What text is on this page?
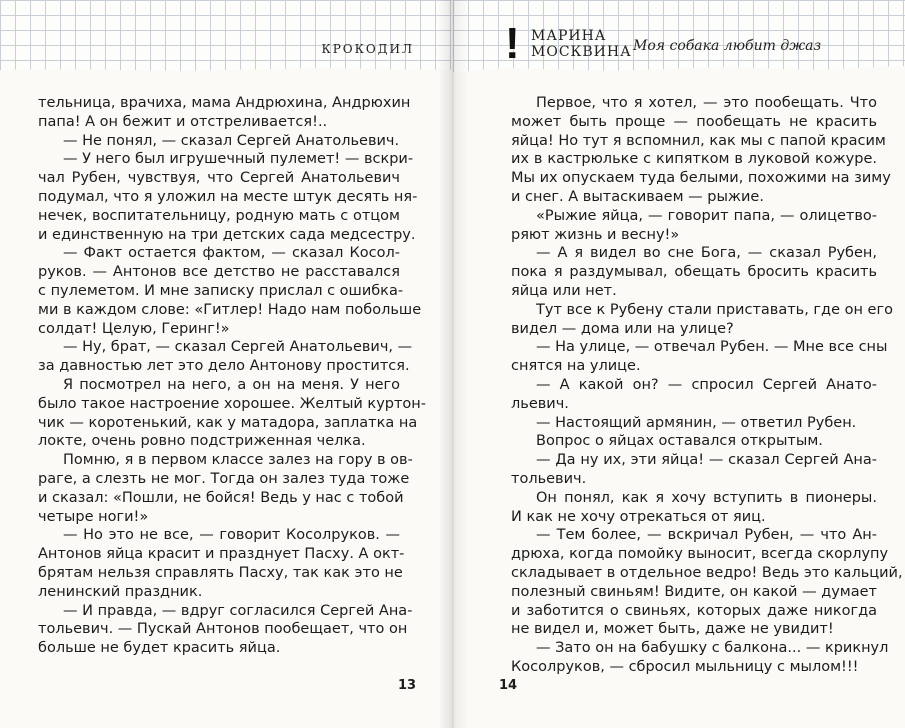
КРОКОДИЛ
тельница, врачиха, мама Андрюхина, Андрюхин
папа! А он бежит и отстреливается!..
— Не понял, — сказал Сергей Анатольевич.
— У него был игрушечный пулемет! — вскри-
чал Рубен, чувствуя, что Сергей Анатольевич
подумал, что я уложил на месте штук десять ня-
нечек, воспитательницу, родную мать с отцом
и единственную на три детских сада медсестру.
— Факт остается фактом, — сказал Косол-
руков. — Антонов все детство не расставался
с пулеметом. И мне записку прислал с ошибка-
ми в каждом слове: «Гитлер! Надо нам побольше
солдат! Целую, Геринг!»
— Ну, брат, — сказал Сергей Анатольевич, —
за давностью лет это дело Антонову простится.
Я посмотрел на него, а он на меня. У него
было такое настроение хорошее. Желтый куртон-
чик — коротенький, как у матадора, заплатка на
локте, очень ровно подстриженная челка.
Помню, я в первом классе залез на гору в ов-
раге, а слезть не мог. Тогда он залез туда тоже
и сказал: «Пошли, не бойся! Ведь у нас с тобой
четыре ноги!»
— Но это не все, — говорит Косолруков. —
Антонов яйца красит и празднует Пасху. А окт-
брятам нельзя справлять Пасху, так как это не
ленинский праздник.
— И правда, — вдруг согласился Сергей Ана-
тольевич. — Пускай Антонов пообещает, что он
больше не будет красить яйца.
13
! МАРИНА
МОСКВИНА Моя собака любит джаз
Первое, что я хотел, — это пообещать. Что
может быть проще — пообещать не красить
яйца! Но тут я вспомнил, как мы с папой красим
их в кастрюльке с кипятком в луковой кожуре.
Мы их опускаем туда белыми, похожими на зиму
и снег. А вытаскиваем — рыжие.
«Рыжие яйца, — говорит папа, — олицетво-
ряют жизнь и весну!»
— А я видел во сне Бога, — сказал Рубен,
пока я раздумывал, обещать бросить красить
яйца или нет.
Тут все к Рубену стали приставать, где он его
видел — дома или на улице?
— На улице, — отвечал Рубен. — Мне все сны
снятся на улице.
— А какой он? — спросил Сергей Анато-
льевич.
— Настоящий армянин, — ответил Рубен.
Вопрос о яйцах оставался открытым.
— Да ну их, эти яйца! — сказал Сергей Ана-
тольевич.
Он понял, как я хочу вступить в пионеры.
И как не хочу отрекаться от яиц.
— Тем более, — вскричал Рубен, — что Ан-
дрюха, когда помойку выносит, всегда скорлупу
складывает в отдельное ведро! Ведь это кальций,
полезный свиньям! Видите, он какой — думает
и заботится о свиньях, которых даже никогда
не видел и, может быть, даже не увидит!
— Зато он на бабушку с балкона... — крикнул
Косолруков, — сбросил мыльницу с мылом!!!
14
